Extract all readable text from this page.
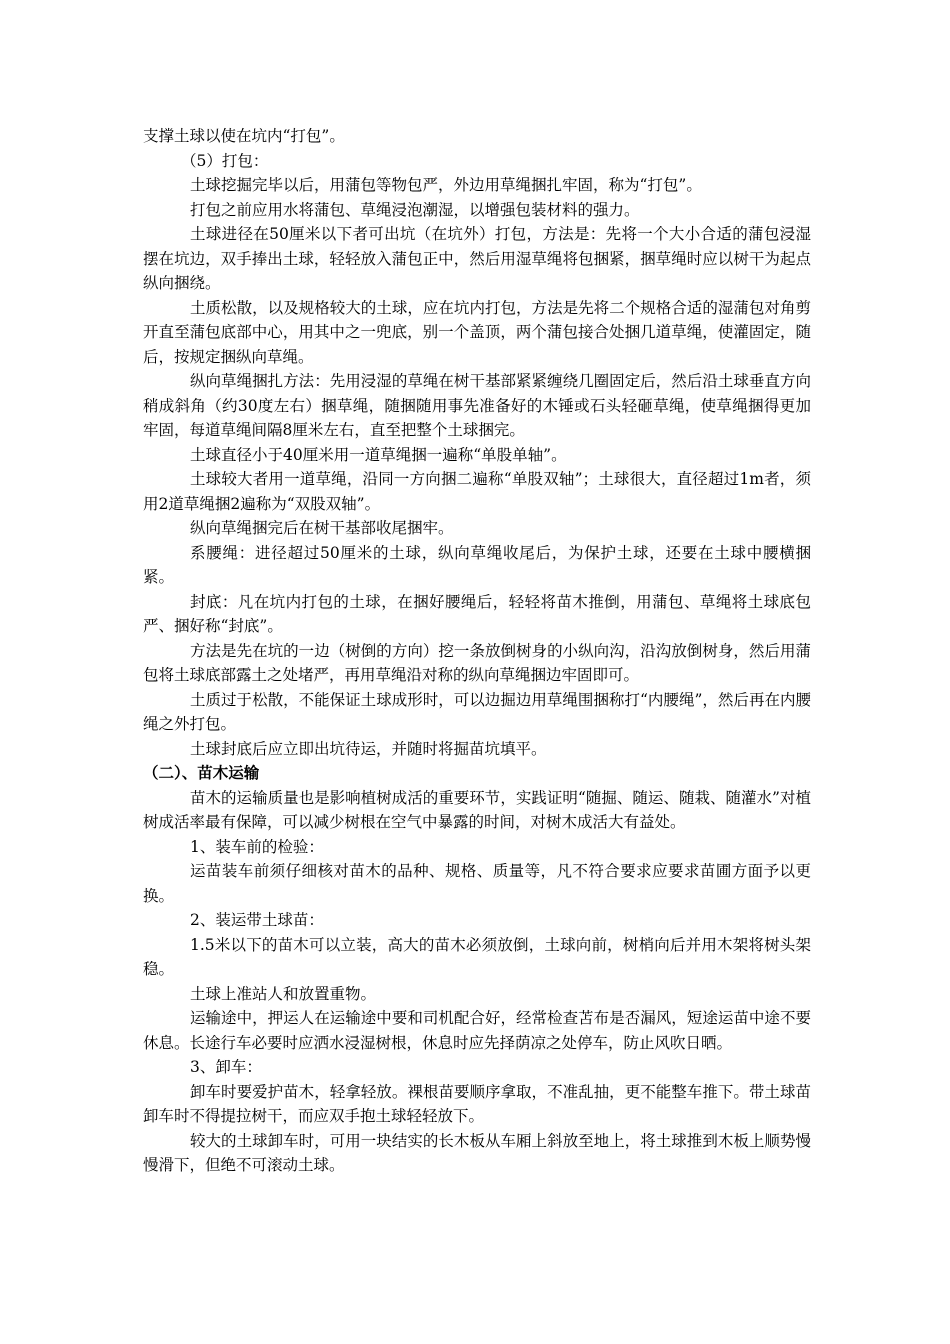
支撑土球以使在坑内“打包”。

（5）打包：

土球挖掘完毕以后，用蒲包等物包严，外边用草绳捆扎牢固，称为“打包”。

打包之前应用水将蒲包、草绳浸泡潮湿，以增强包装材料的强力。

土球进径在50厘米以下者可出坑（在坑外）打包，方法是：先将一个大小合适的蒲包浸湿摆在坑边，双手捧出土球，轻轻放入蒲包正中，然后用湿草绳将包捆紧，捆草绳时应以树干为起点纵向捆绕。

土质松散，以及规格较大的土球，应在坑内打包，方法是先将二个规格合适的湿蒲包对角剪开直至蒲包底部中心，用其中之一兜底，别一个盖顶，两个蒲包接合处捆几道草绳，使灌固定，随后，按规定捆纵向草绳。

纵向草绳捆扎方法：先用浸湿的草绳在树干基部紧紧缠绕几圈固定后，然后沿土球垂直方向稍成斜角（约30度左右）捆草绳，随捆随用事先准备好的木锤或石头轻砸草绳，使草绳捆得更加牢固，每道草绳间隔8厘米左右，直至把整个土球捆完。

土球直径小于40厘米用一道草绳捆一遍称“单股单轴”。

土球较大者用一道草绳，沿同一方向捆二遍称“单股双轴”；土球很大，直径超过1m者，须用2道草绳捆2遍称为“双股双轴”。

纵向草绳捆完后在树干基部收尾捆牢。

系腰绳：进径超过50厘米的土球，纵向草绳收尾后，为保护土球，还要在土球中腰横捆紧。

封底：凡在坑内打包的土球，在捆好腰绳后，轻轻将苗木推倒，用蒲包、草绳将土球底包严、捆好称“封底”。

方法是先在坑的一边（树倒的方向）挖一条放倒树身的小纵向沟，沿沟放倒树身，然后用蒲包将土球底部露土之处堵严，再用草绳沿对称的纵向草绳捆边牢固即可。

土质过于松散，不能保证土球成形时，可以边掘边用草绳围捆称打“内腰绳”，然后再在内腰绳之外打包。

土球封底后应立即出坑待运，并随时将掘苗坑填平。

（二）、苗木运输

苗木的运输质量也是影响植树成活的重要环节，实践证明“随掘、随运、随栽、随灌水”对植树成活率最有保障，可以减少树根在空气中暴露的时间，对树木成活大有益处。

1、装车前的检验：

运苗装车前须仔细核对苗木的品种、规格、质量等，凡不符合要求应要求苗圃方面予以更换。

2、装运带土球苗：

1.5米以下的苗木可以立装，高大的苗木必须放倒，土球向前，树梢向后并用木架将树头架稳。

土球上准站人和放置重物。

运输途中，押运人在运输途中要和司机配合好，经常检查苫布是否漏风，短途运苗中途不要休息。长途行车必要时应洒水浸湿树根，休息时应先择荫凉之处停车，防止风吹日晒。

3、卸车：

卸车时要爱护苗木，轻拿轻放。裸根苗要顺序拿取，不准乱抽，更不能整车推下。带土球苗卸车时不得提拉树干，而应双手抱土球轻轻放下。

较大的土球卸车时，可用一块结实的长木板从车厢上斜放至地上，将土球推到木板上顺势慢慢滑下，但绝不可滚动土球。
